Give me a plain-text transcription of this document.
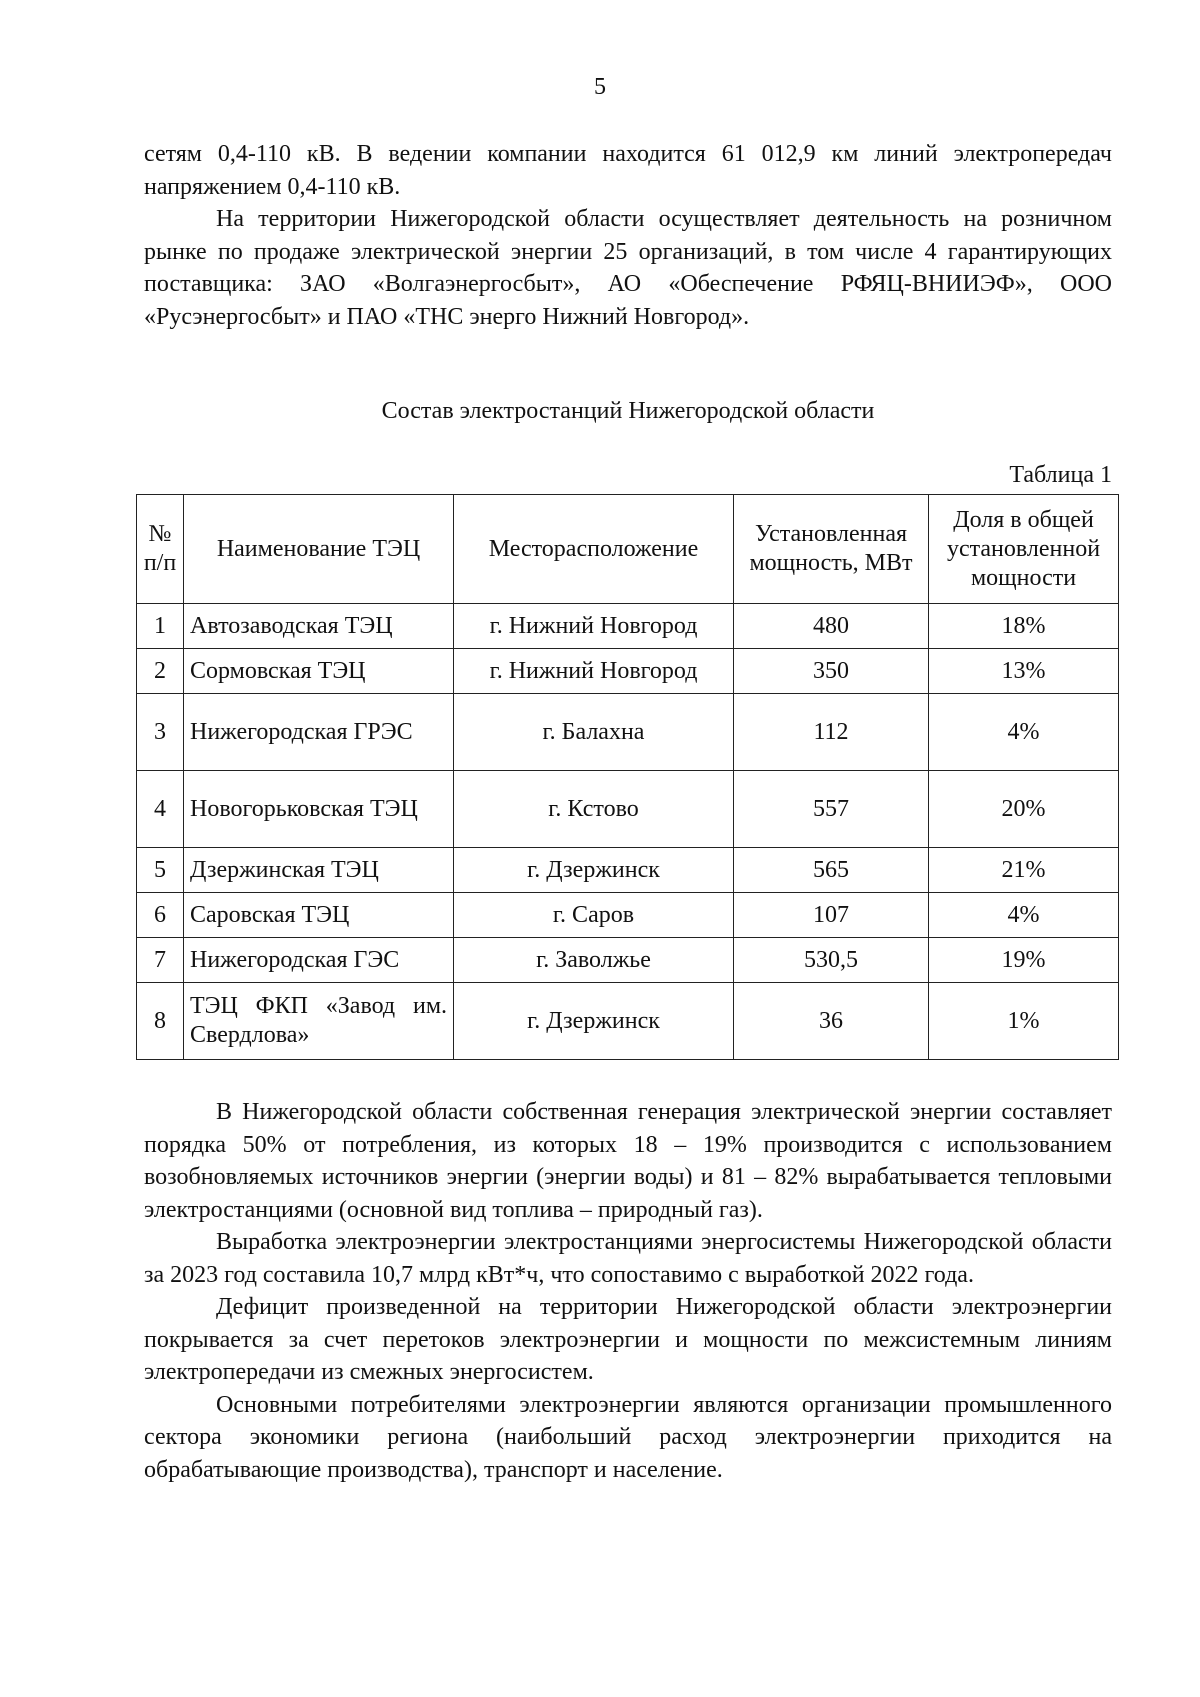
5

сетям 0,4-110 кВ. В ведении компании находится 61 012,9 км линий электропередач напряжением 0,4-110 кВ.

На территории Нижегородской области осуществляет деятельность на розничном рынке по продаже электрической энергии 25 организаций, в том числе 4 гарантирующих поставщика: ЗАО «Волгаэнергосбыт», АО «Обеспечение РФЯЦ-ВНИИЭФ», ООО «Русэнергосбыт» и ПАО «ТНС энерго Нижний Новгород».

Состав электростанций Нижегородской области
Таблица 1
№ п/п	Наименование ТЭЦ	Месторасположение	Установленная мощность, МВт	Доля в общей установленной мощности
1	Автозаводская ТЭЦ	г. Нижний Новгород	480	18%
2	Сормовская ТЭЦ	г. Нижний Новгород	350	13%
3	Нижегородская ГРЭС	г. Балахна	112	4%
4	Новогорьковская ТЭЦ	г. Кстово	557	20%
5	Дзержинская ТЭЦ	г. Дзержинск	565	21%
6	Саровская ТЭЦ	г. Саров	107	4%
7	Нижегородская ГЭС	г. Заволжье	530,5	19%
8	ТЭЦ ФКП «Завод им. Свердлова»	г. Дзержинск	36	1%

В Нижегородской области собственная генерация электрической энергии составляет порядка 50% от потребления, из которых 18 – 19% производится с использованием возобновляемых источников энергии (энергии воды) и 81 – 82% вырабатывается тепловыми электростанциями (основной вид топлива – природный газ).

Выработка электроэнергии электростанциями энергосистемы Нижегородской области за 2023 год составила 10,7 млрд кВт*ч, что сопоставимо с выработкой 2022 года.

Дефицит произведенной на территории Нижегородской области электроэнергии покрывается за счет перетоков электроэнергии и мощности по межсистемным линиям электропередачи из смежных энергосистем.

Основными потребителями электроэнергии являются организации промышленного сектора экономики региона (наибольший расход электроэнергии приходится на обрабатывающие производства), транспорт и население.
